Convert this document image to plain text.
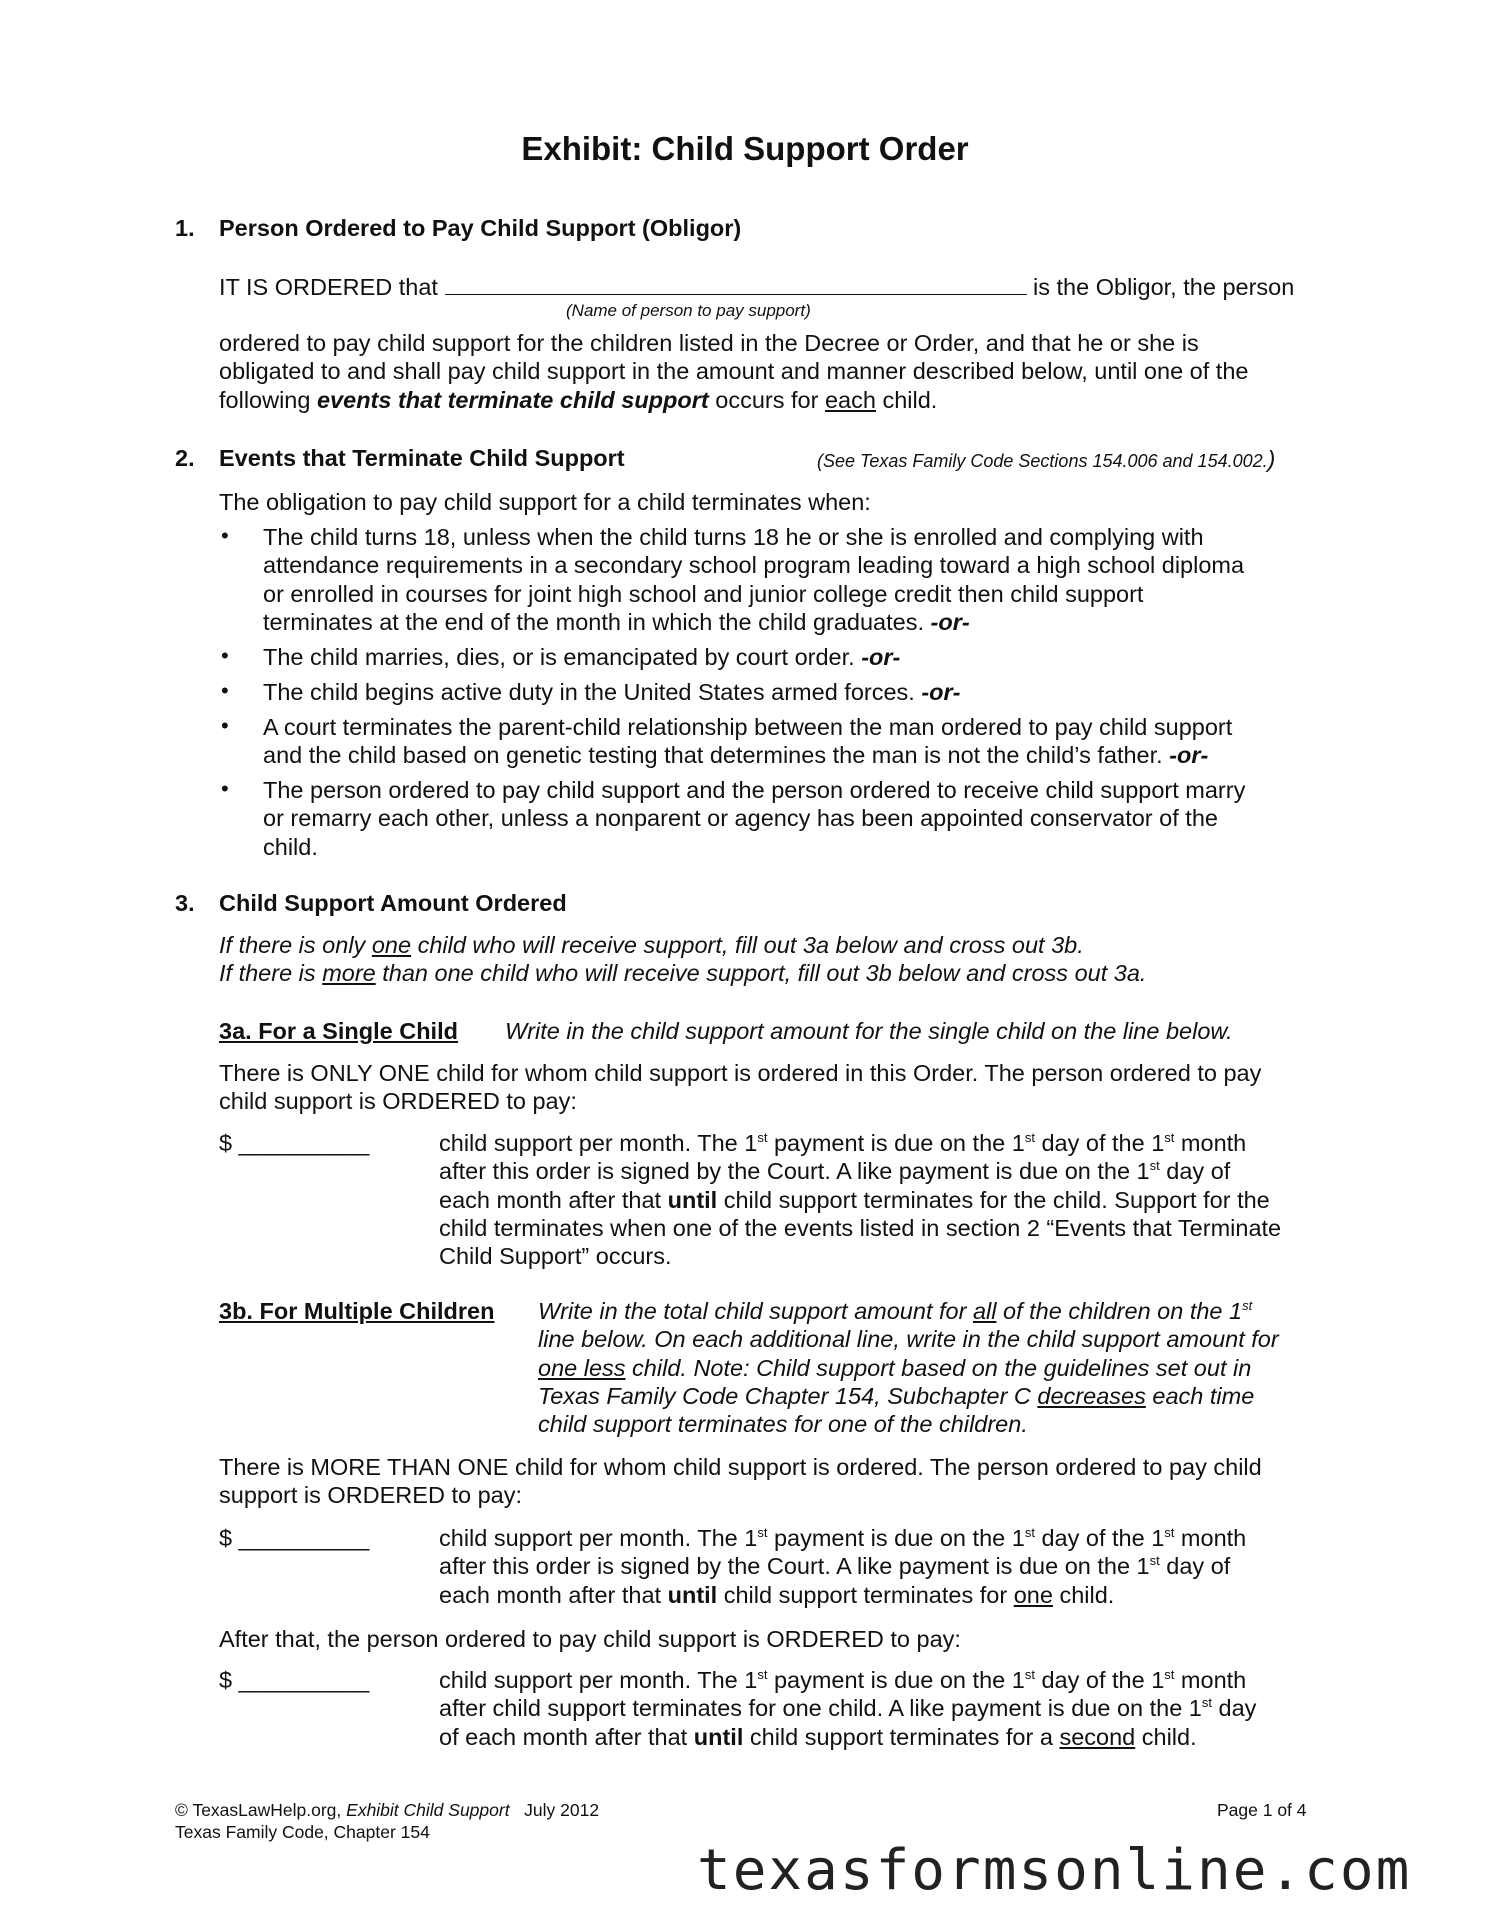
Exhibit: Child Support Order
1. Person Ordered to Pay Child Support (Obligor)
IT IS ORDERED that	is the Obligor, the person
(Name of person to pay support)
ordered to pay child support for the children listed in the Decree or Order, and that he or she is
obligated to and shall pay child support in the amount and manner described below, until one of the
following events that terminate child support occurs for each child.
2. Events that Terminate Child Support	(See Texas Family Code Sections 154.006 and 154.002.)
The obligation to pay child support for a child terminates when:
• The child turns 18, unless when the child turns 18 he or she is enrolled and complying with
attendance requirements in a secondary school program leading toward a high school diploma
or enrolled in courses for joint high school and junior college credit then child support
terminates at the end of the month in which the child graduates. -or-
• The child marries, dies, or is emancipated by court order. -or-
• The child begins active duty in the United States armed forces. -or-
• A court terminates the parent-child relationship between the man ordered to pay child support
and the child based on genetic testing that determines the man is not the child’s father. -or-
• The person ordered to pay child support and the person ordered to receive child support marry
or remarry each other, unless a nonparent or agency has been appointed conservator of the
child.
3. Child Support Amount Ordered
If there is only one child who will receive support, fill out 3a below and cross out 3b.
If there is more than one child who will receive support, fill out 3b below and cross out 3a.
3a. For a Single Child Write in the child support amount for the single child on the line below.
There is ONLY ONE child for whom child support is ordered in this Order. The person ordered to pay
child support is ORDERED to pay:
$ __________	child support per month. The 1st payment is due on the 1st day of the 1st month
after this order is signed by the Court. A like payment is due on the 1st day of
each month after that until child support terminates for the child. Support for the
child terminates when one of the events listed in section 2 “Events that Terminate
Child Support” occurs.
3b. For Multiple Children Write in the total child support amount for all of the children on the 1st
line below. On each additional line, write in the child support amount for
one less child. Note: Child support based on the guidelines set out in
Texas Family Code Chapter 154, Subchapter C decreases each time
child support terminates for one of the children.
There is MORE THAN ONE child for whom child support is ordered. The person ordered to pay child
support is ORDERED to pay:
$ __________	child support per month. The 1st payment is due on the 1st day of the 1st month
after this order is signed by the Court. A like payment is due on the 1st day of
each month after that until child support terminates for one child.
After that, the person ordered to pay child support is ORDERED to pay:
$ __________	child support per month. The 1st payment is due on the 1st day of the 1st month
after child support terminates for one child. A like payment is due on the 1st day
of each month after that until child support terminates for a second child.
© TexasLawHelp.org, Exhibit Child Support   July 2012
Texas Family Code, Chapter 154
Page 1 of 4
texasformsonline.com
